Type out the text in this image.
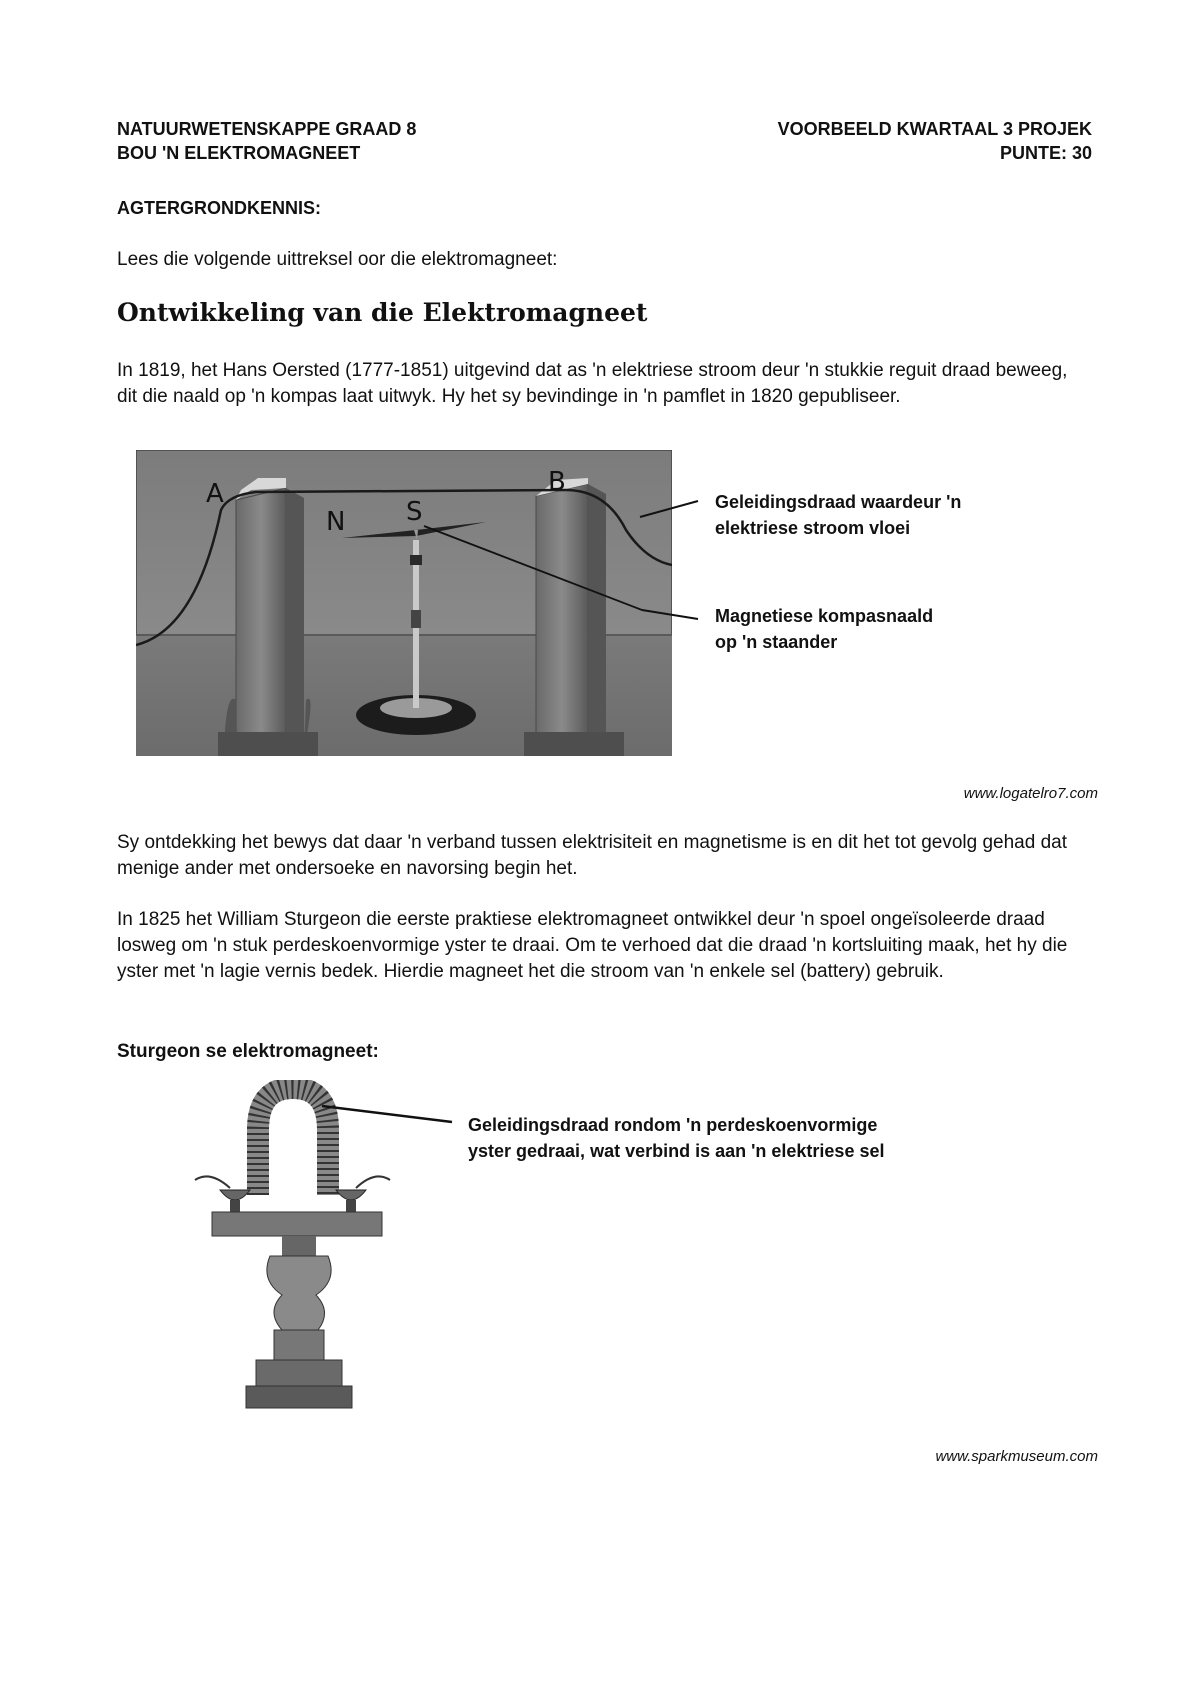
NATUURWETENSKAPPE GRAAD 8
BOU 'N ELEKTROMAGNEET
VOORBEELD KWARTAAL 3 PROJEK
PUNTE: 30
AGTERGRONDKENNIS:
Lees die volgende uittreksel oor die elektromagneet:
Ontwikkeling van die Elektromagneet
In 1819, het Hans Oersted (1777-1851) uitgevind dat as 'n elektriese stroom deur 'n stukkie reguit draad beweeg, dit die naald op 'n kompas laat uitwyk. Hy het sy bevindinge in 'n pamflet in 1820 gepubliseer.
A	B
N S	Geleidingsdraad waardeur 'n
elektriese stroom vloei
Magnetiese kompasnaald
op 'n staander
www.logatelro7.com
Sy ontdekking het bewys dat daar 'n verband tussen elektrisiteit en magnetisme is en dit het tot gevolg gehad dat menige ander met ondersoeke en navorsing begin het.
In 1825 het William Sturgeon die eerste praktiese elektromagneet ontwikkel deur 'n spoel ongeïsoleerde draad losweg om 'n stuk perdeskoenvormige yster te draai. Om te verhoed dat die draad 'n kortsluiting maak, het hy die yster met 'n lagie vernis bedek. Hierdie magneet het die stroom van 'n enkele sel (battery) gebruik.
Sturgeon se elektromagneet:
Geleidingsdraad rondom 'n perdeskoenvormige
yster gedraai, wat verbind is aan 'n elektriese sel
www.sparkmuseum.com
